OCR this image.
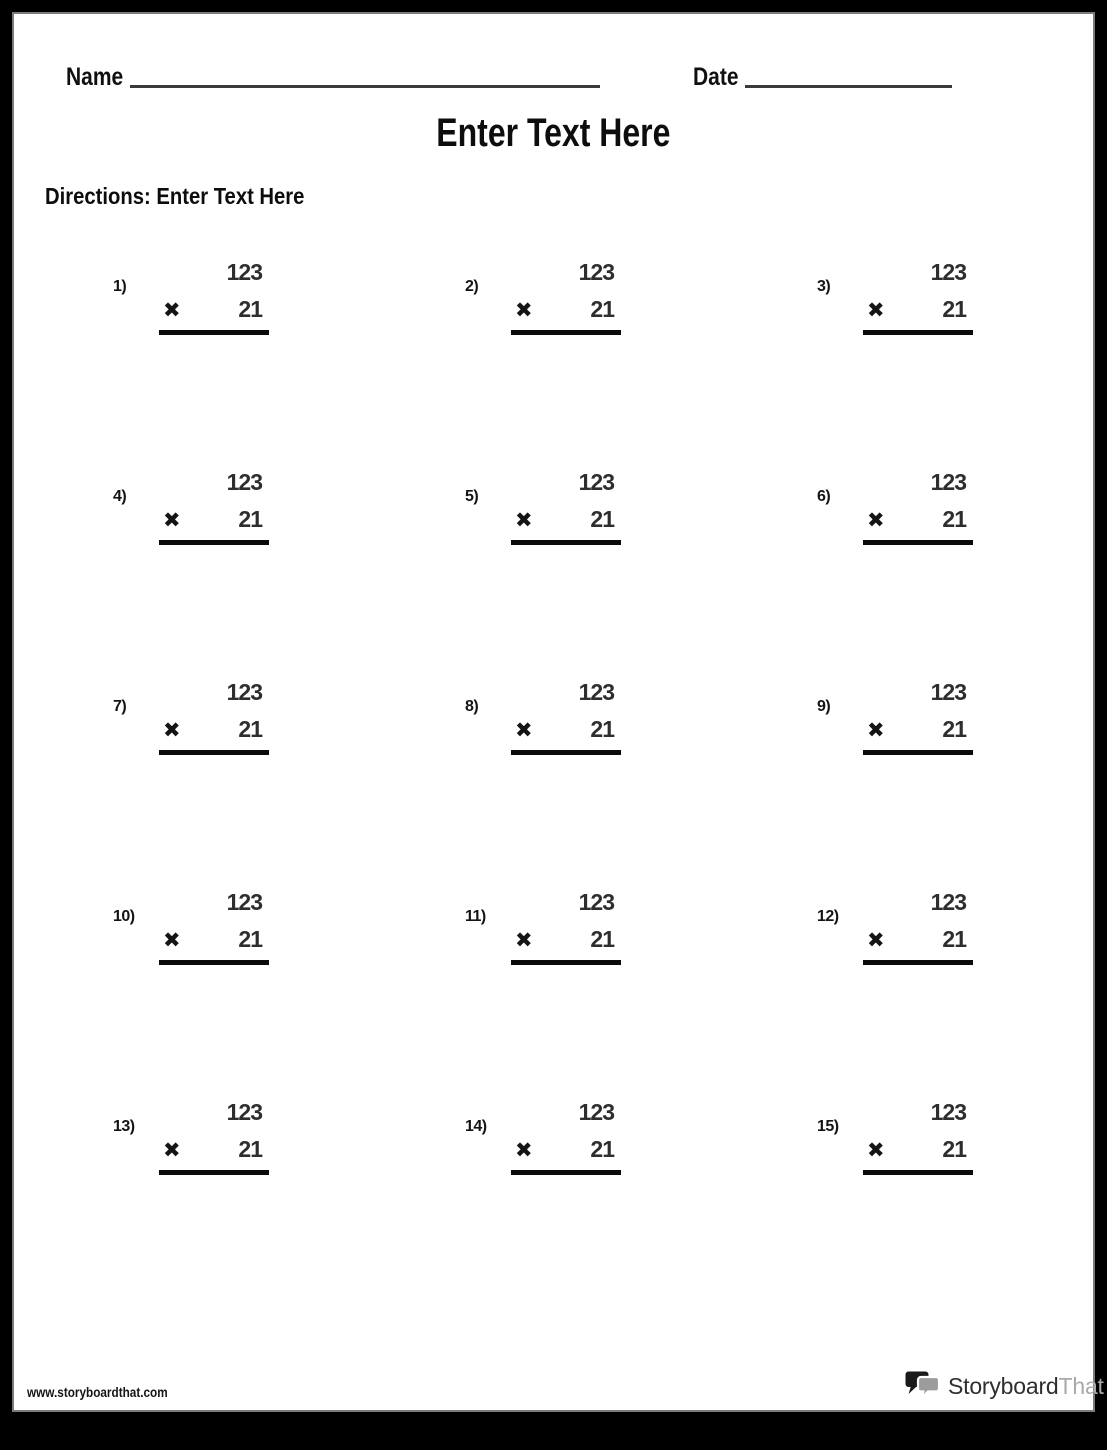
Name	Date
Enter Text Here
Directions: Enter Text Here
1)
123
✖	21
2)
123
✖	21
3)
123
✖	21
4)
123
✖	21
5)
123
✖	21
6)
123
✖	21
7)
123
✖	21
8)
123
✖	21
9)
123
✖	21
10)
123
✖	21
11)
123
✖	21
12)
123
✖	21
13)
123
✖	21
14)
123
✖	21
15)
123
✖	21
www.storyboardthat.com	StoryboardThat
